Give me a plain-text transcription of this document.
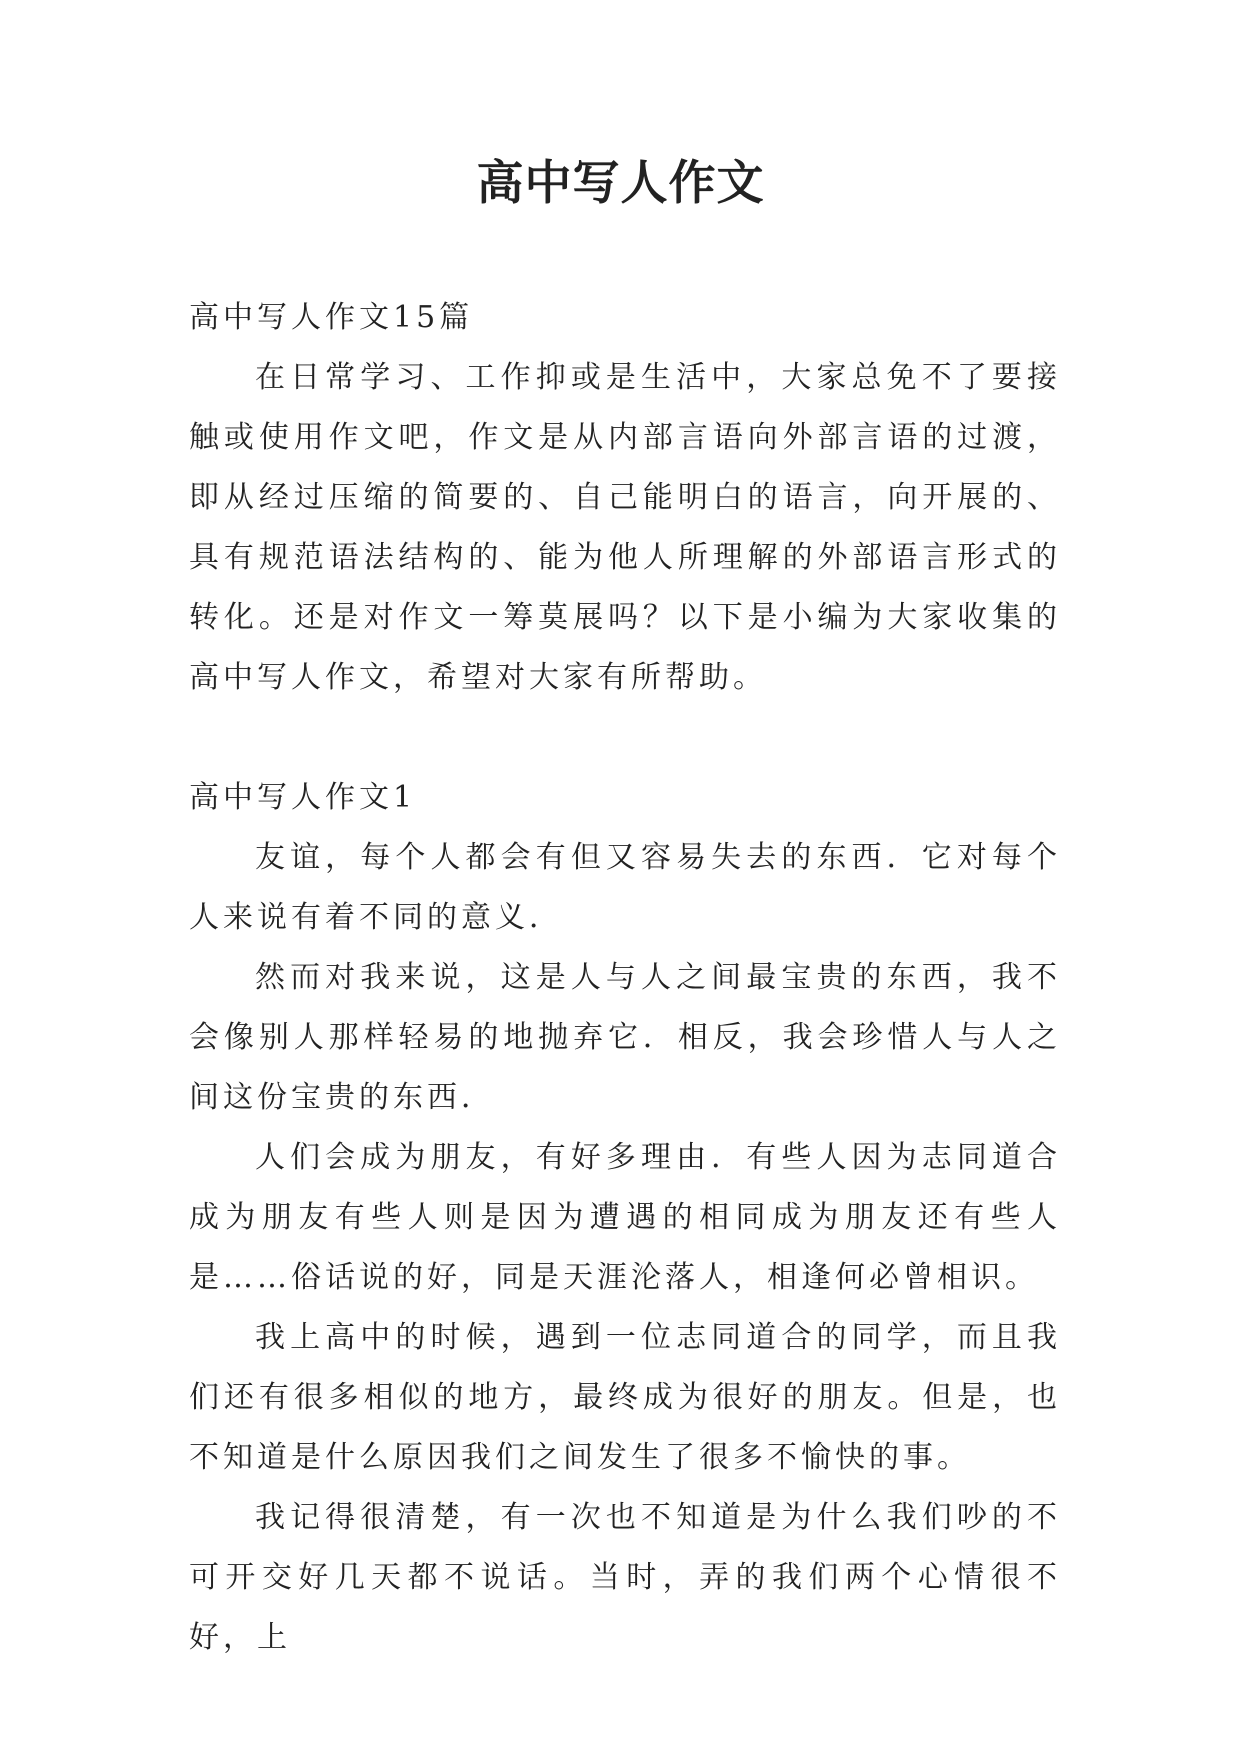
高中写人作文
高中写人作文15篇

在日常学习、工作抑或是生活中，大家总免不了要接触或使用作文吧，作文是从内部言语向外部言语的过渡，即从经过压缩的简要的、自己能明白的语言，向开展的、具有规范语法结构的、能为他人所理解的外部语言形式的转化。还是对作文一筹莫展吗？以下是小编为大家收集的高中写人作文，希望对大家有所帮助。

高中写人作文1

友谊，每个人都会有但又容易失去的东西．它对每个人来说有着不同的意义．

然而对我来说，这是人与人之间最宝贵的东西，我不会像别人那样轻易的地抛弃它．相反，我会珍惜人与人之间这份宝贵的东西．

人们会成为朋友，有好多理由．有些人因为志同道合成为朋友有些人则是因为遭遇的相同成为朋友还有些人是……俗话说的好，同是天涯沦落人，相逢何必曾相识。

我上高中的时候，遇到一位志同道合的同学，而且我们还有很多相似的地方，最终成为很好的朋友。但是，也不知道是什么原因我们之间发生了很多不愉快的事。

我记得很清楚，有一次也不知道是为什么我们吵的不可开交好几天都不说话。当时，弄的我们两个心情很不好，上
